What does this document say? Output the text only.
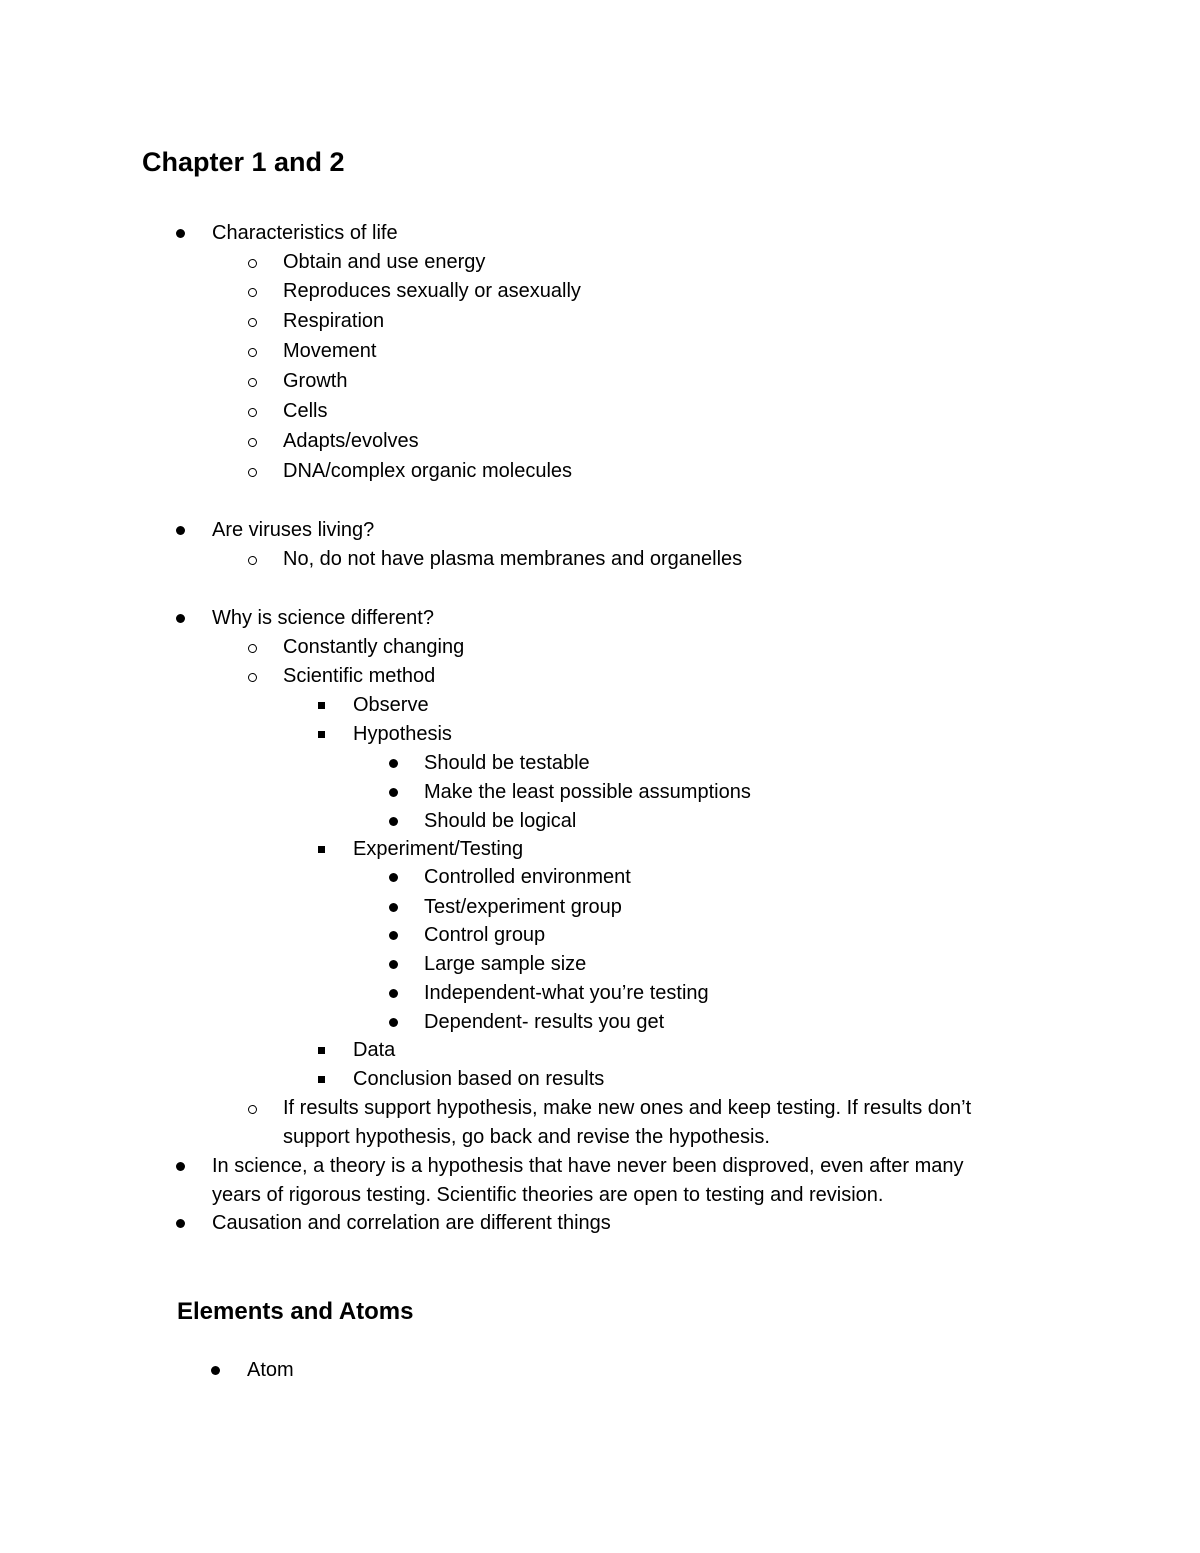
Chapter 1 and 2
Characteristics of life
Obtain and use energy
Reproduces sexually or asexually
Respiration
Movement
Growth
Cells
Adapts/evolves
DNA/complex organic molecules
Are viruses living?
No, do not have plasma membranes and organelles
Why is science different?
Constantly changing
Scientific method
Observe
Hypothesis
Should be testable
Make the least possible assumptions
Should be logical
Experiment/Testing
Controlled environment
Test/experiment group
Control group
Large sample size
Independent-what you’re testing
Dependent- results you get
Data
Conclusion based on results
If results support hypothesis, make new ones and keep testing. If results don’t
support hypothesis, go back and revise the hypothesis.
In science, a theory is a hypothesis that have never been disproved, even after many
years of rigorous testing. Scientific theories are open to testing and revision.
Causation and correlation are different things
Elements and Atoms
Atom
